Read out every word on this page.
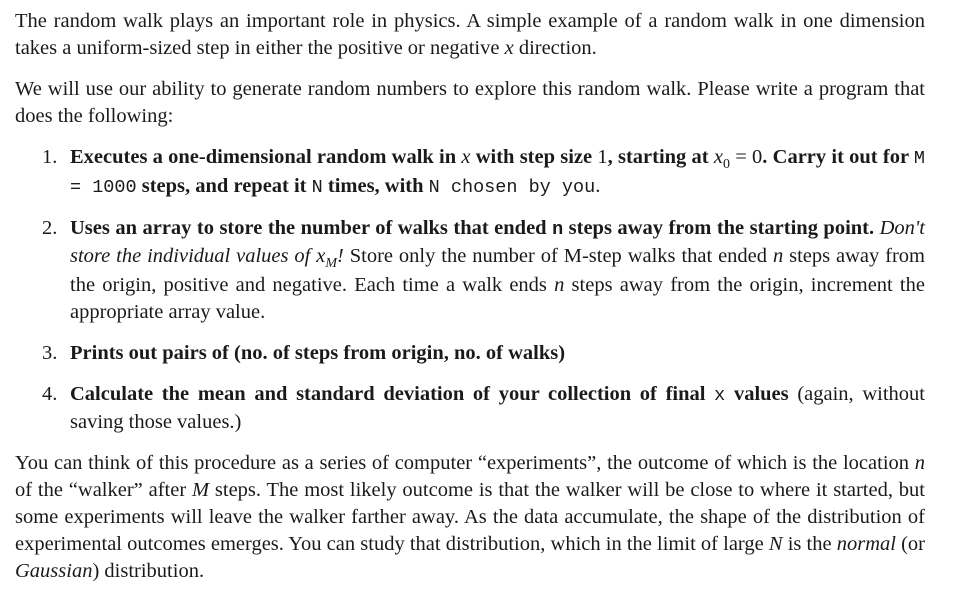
The random walk plays an important role in physics. A simple example of a random walk in one dimension takes a uniform-sized step in either the positive or negative x direction.

We will use our ability to generate random numbers to explore this random walk. Please write a program that does the following:

1. Executes a one-dimensional random walk in x with step size 1, starting at $x_0 = 0$. Carry it out for M = 1000 steps, and repeat it N times, with N chosen by you.
2. Uses an array to store the number of walks that ended n steps away from the starting point. Don't store the individual values of $x_M$! Store only the number of M-step walks that ended n steps away from the origin, positive and negative. Each time a walk ends n steps away from the origin, increment the appropriate array value.
3. Prints out pairs of (no. of steps from origin, no. of walks)
4. Calculate the mean and standard deviation of your collection of final x values (again, without saving those values.)

You can think of this procedure as a series of computer “experiments”, the outcome of which is the location n of the “walker” after M steps. The most likely outcome is that the walker will be close to where it started, but some experiments will leave the walker farther away. As the data accumulate, the shape of the distribution of experimental outcomes emerges. You can study that distribution, which in the limit of large N is the normal (or Gaussian) distribution.
